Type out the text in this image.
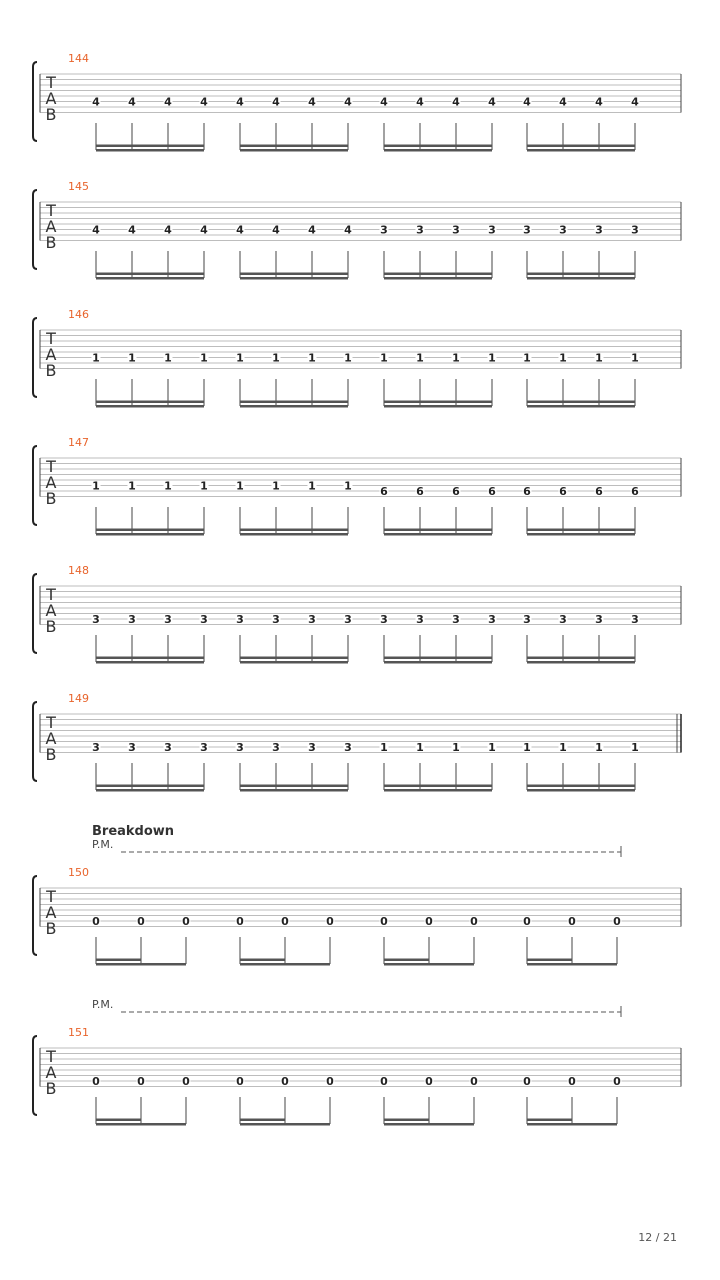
T
A
B
144
4	4	4	4	4	4	4	4	4	4	4	4 4	4	4	4
T
A
B
145
4	4	4	4	4	4	4	4	3	3	3	3 3	3	3	3
T
A
B
146
1	1	1	1	1	1	1	1	1	1	1	1 1	1	1	1
T
A
B
147
1	1	1	1	1	1	1	1	6	6	6	6 6	6	6	6
T
A
B
148
3	3	3	3	3	3	3	3	3	3	3	3 3	3	3	3
T
A
B
149
3	3	3	3	3	3	3	3	1	1	1	1 1	1	1	1
T
A
B
150
Breakdown
P.M.
0	0	0	0	0	0	0	0	0	0	0	0
T
A
B
151
P.M.
0	0	0	0	0	0	0	0	0	0	0	0
12 / 21
